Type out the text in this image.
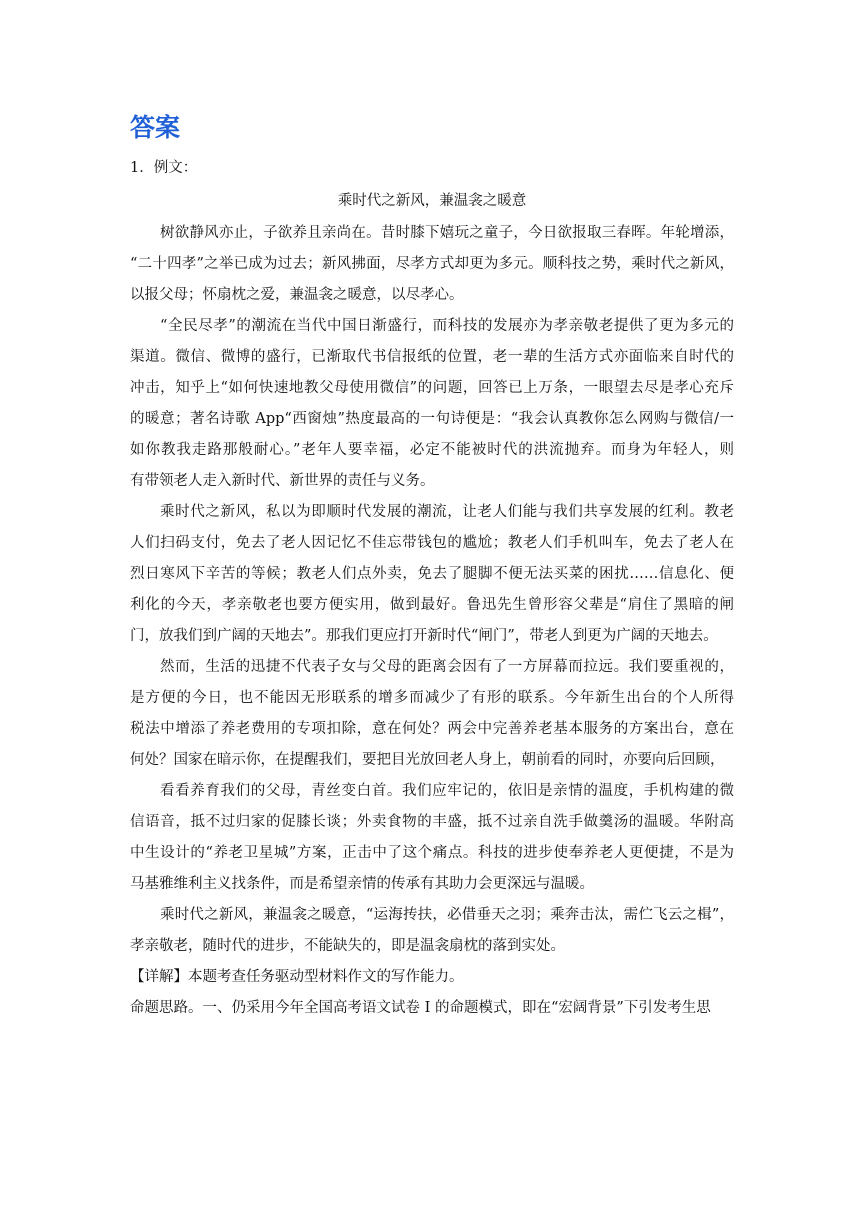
答案
1．例文：
乘时代之新风，兼温衾之暖意
树欲静风亦止，子欲养且亲尚在。昔时膝下嬉玩之童子，今日欲报取三春晖。年轮增添，
“二十四孝”之举已成为过去；新风拂面，尽孝方式却更为多元。顺科技之势，乘时代之新风，
以报父母；怀扇枕之爱，兼温衾之暖意，以尽孝心。
“全民尽孝”的潮流在当代中国日渐盛行，而科技的发展亦为孝亲敬老提供了更为多元的
渠道。微信、微博的盛行，已渐取代书信报纸的位置，老一辈的生活方式亦面临来自时代的
冲击，知乎上“如何快速地教父母使用微信”的问题，回答已上万条，一眼望去尽是孝心充斥
的暖意；著名诗歌 App“西窗烛”热度最高的一句诗便是：“我会认真教你怎么网购与微信/一
如你教我走路那般耐心。”老年人要幸福，必定不能被时代的洪流抛弃。而身为年轻人，则
有带领老人走入新时代、新世界的责任与义务。
乘时代之新风，私以为即顺时代发展的潮流，让老人们能与我们共享发展的红利。教老
人们扫码支付，免去了老人因记忆不佳忘带钱包的尴尬；教老人们手机叫车，免去了老人在
烈日寒风下辛苦的等候；教老人们点外卖，免去了腿脚不便无法买菜的困扰……信息化、便
利化的今天，孝亲敬老也要方便实用，做到最好。鲁迅先生曾形容父辈是“肩住了黑暗的闸
门，放我们到广阔的天地去”。那我们更应打开新时代“闸门”，带老人到更为广阔的天地去。
然而，生活的迅捷不代表子女与父母的距离会因有了一方屏幕而拉远。我们要重视的，
是方便的今日，也不能因无形联系的增多而减少了有形的联系。今年新生出台的个人所得
税法中增添了养老费用的专项扣除，意在何处？两会中完善养老基本服务的方案出台，意在
何处？国家在暗示你，在提醒我们，要把目光放回老人身上，朝前看的同时，亦要向后回顾，
看看养育我们的父母，青丝变白首。我们应牢记的，依旧是亲情的温度，手机构建的微
信语音，抵不过归家的促膝长谈；外卖食物的丰盛，抵不过亲自洗手做羹汤的温暖。华附高
中生设计的“养老卫星城”方案，正击中了这个痛点。科技的进步使奉养老人更便捷，不是为
马基雅维利主义找条件，而是希望亲情的传承有其助力会更深远与温暖。
乘时代之新风，兼温衾之暖意，“运海抟扶，必借垂天之羽；乘奔击汰，需伫飞云之楫”，
孝亲敬老，随时代的进步，不能缺失的，即是温衾扇枕的落到实处。
【详解】本题考查任务驱动型材料作文的写作能力。
命题思路。一、仍采用今年全国高考语文试卷 I 的命题模式，即在“宏阔背景”下引发考生思
